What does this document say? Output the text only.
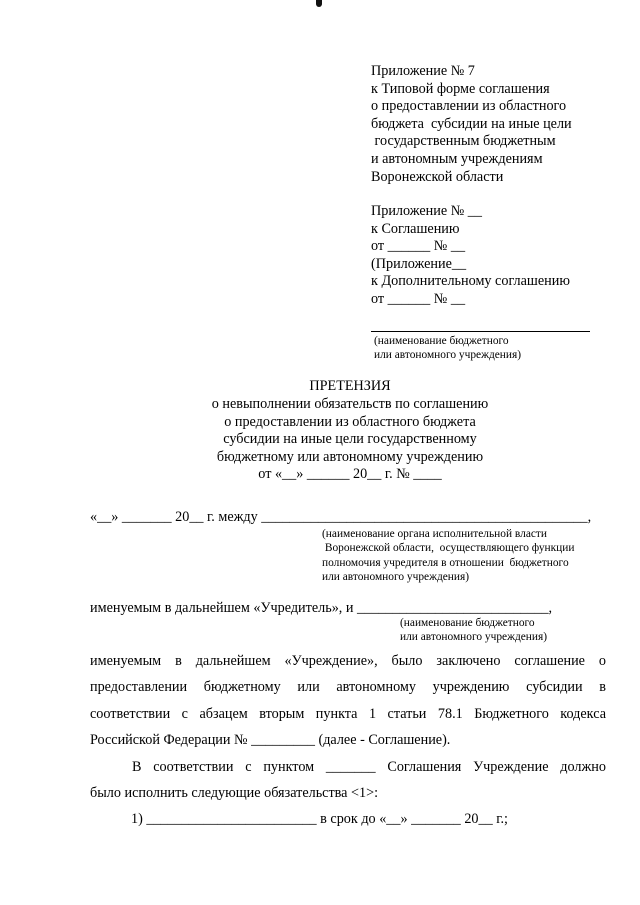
Приложение № 7
к Типовой форме соглашения
о предоставлении из областного
бюджета  субсидии на иные цели
государственным бюджетным
и автономным учреждениям
Воронежской области
Приложение № __
к Соглашению
от ______ № __
(Приложение__
к Дополнительному соглашению
от ______ № __
(наименование бюджетного
или автономного учреждения)
ПРЕТЕНЗИЯ
о невыполнении обязательств по соглашению
о предоставлении из областного бюджета
субсидии на иные цели государственному
бюджетному или автономному учреждению
от «__» ______ 20__ г. № ____
«__» _______ 20__ г. между ______________________________________________,
(наименование органа исполнительной власти
Воронежской области,  осуществляющего функции
полномочия учредителя в отношении  бюджетного
или автономного учреждения)
именуемым в дальнейшем «Учредитель», и ___________________________,
(наименование бюджетного
или автономного учреждения)
именуемым в дальнейшем «Учреждение», было заключено соглашение о
предоставлении бюджетному или автономному учреждению субсидии в
соответствии с абзацем вторым пункта 1 статьи 78.1 Бюджетного кодекса
Российской Федерации № _________ (далее - Соглашение).
В соответствии с пунктом _______ Соглашения Учреждение должно
было исполнить следующие обязательства <1>:
1) ________________________ в срок до «__» _______ 20__ г.;
